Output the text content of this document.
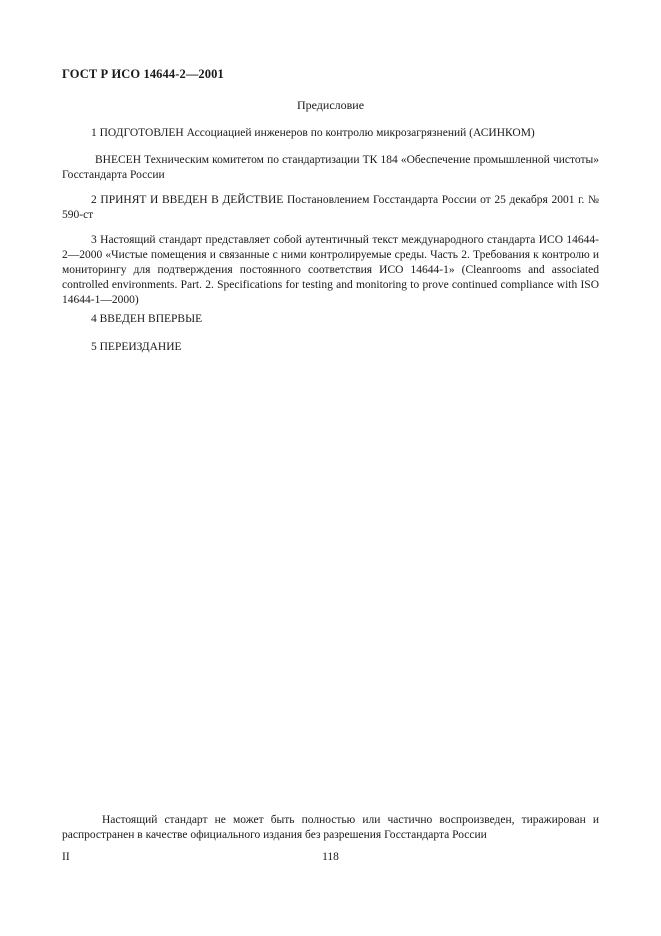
ГОСТ Р ИСО 14644-2—2001
Предисловие
1 ПОДГОТОВЛЕН Ассоциацией инженеров по контролю микрозагрязнений (АСИНКОМ)
ВНЕСЕН Техническим комитетом по стандартизации ТК 184 «Обеспечение промышленной чистоты» Госстандарта России
2 ПРИНЯТ И ВВЕДЕН В ДЕЙСТВИЕ Постановлением Госстандарта России от 25 декабря 2001 г. № 590-ст
3 Настоящий стандарт представляет собой аутентичный текст международного стандарта ИСО 14644-2—2000 «Чистые помещения и связанные с ними контролируемые среды. Часть 2. Требования к контролю и мониторингу для подтверждения постоянного соответствия ИСО 14644-1» (Cleanrooms and associated controlled environments. Part. 2. Specifications for testing and monitoring to prove continued compliance with ISO 14644-1—2000)
4 ВВЕДЕН ВПЕРВЫЕ
5 ПЕРЕИЗДАНИЕ
Настоящий стандарт не может быть полностью или частично воспроизведен, тиражирован и распространен в качестве официального издания без разрешения Госстандарта России
II	118
